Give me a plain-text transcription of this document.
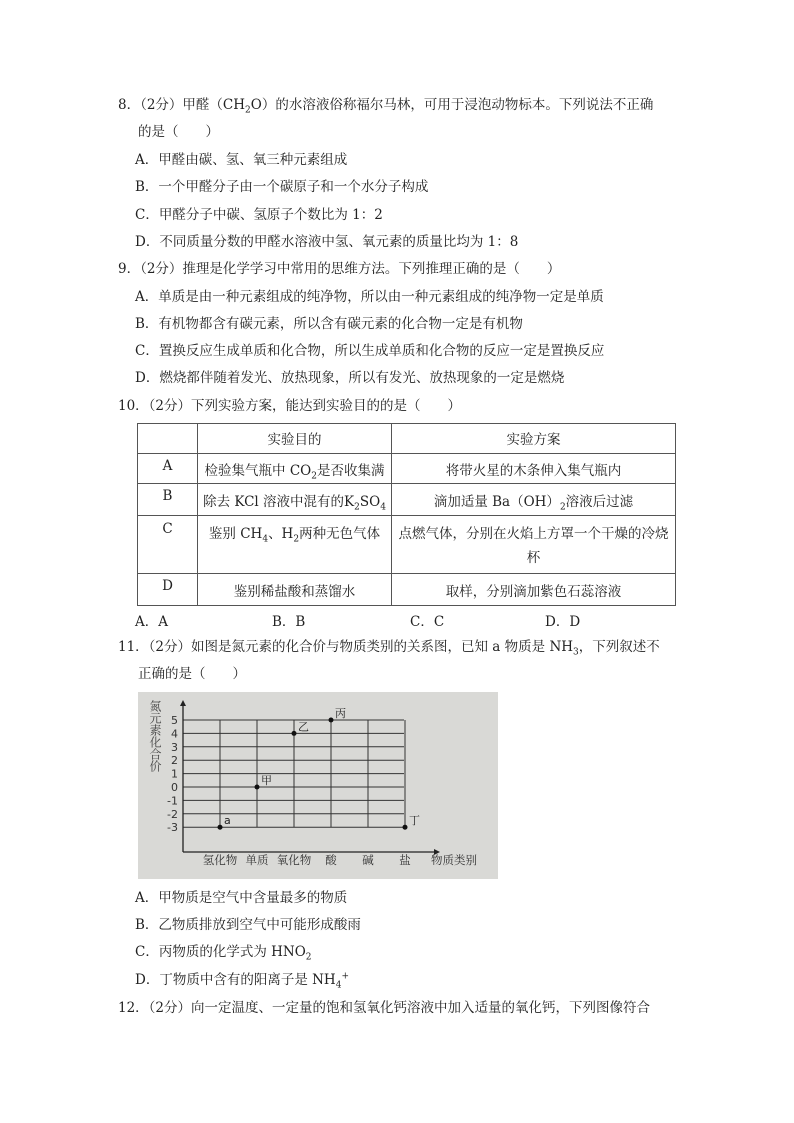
8．（2分）甲醛$(CH_2O)$的水溶液俗称福尔马林，可用于浸泡动物标本。下列说法不正确
的是（　　）
A．甲醛由碳、氢、氧三种元素组成
B．一个甲醛分子由一个碳原子和一个水分子构成
C．甲醛分子中碳、氢原子个数比为 1：2
D．不同质量分数的甲醛水溶液中氢、氧元素的质量比均为 1：8
9．（2分）推理是化学学习中常用的思维方法。下列推理正确的是（　　）
A．单质是由一种元素组成的纯净物，所以由一种元素组成的纯净物一定是单质
B．有机物都含有碳元素，所以含有碳元素的化合物一定是有机物
C．置换反应生成单质和化合物，所以生成单质和化合物的反应一定是置换反应
D．燃烧都伴随着发光、放热现象，所以有发光、放热现象的一定是燃烧
10．（2分）下列实验方案，能达到实验目的的是（　　）
	实验目的	实验方案
A	检验集气瓶中 $CO_2$是否收集满	将带火星的木条伸入集气瓶内
B	除去 KCl 溶液中混有的$K_2SO_4$	滴加适量 $Ba(OH)_2$溶液后过滤
C	鉴别 $CH_4$、$H_2$两种无色气体	点燃气体，分别在火焰上方罩一个干燥的冷烧
杯
D	鉴别稀盐酸和蒸馏水	取样，分别滴加紫色石蕊溶液
A．A	B．B	C．C	D．D
11．（2分）如图是氮元素的化合价与物质类别的关系图，已知 a 物质是 $NH_3$，下列叙述不
正确的是（　　）
氮元素化合价 5
4
3
2
1
0
-1
-2
-3
氢化物 单质 氧化物 酸 碱 盐 物质类别
a
甲
乙
丙
丁
A．甲物质是空气中含量最多的物质
B．乙物质排放到空气中可能形成酸雨
C．丙物质的化学式为 $HNO_2$
D．丁物质中含有的阳离子是 $NH_4^+$
12．（2分）向一定温度、一定量的饱和氢氧化钙溶液中加入适量的氧化钙，下列图像符合
